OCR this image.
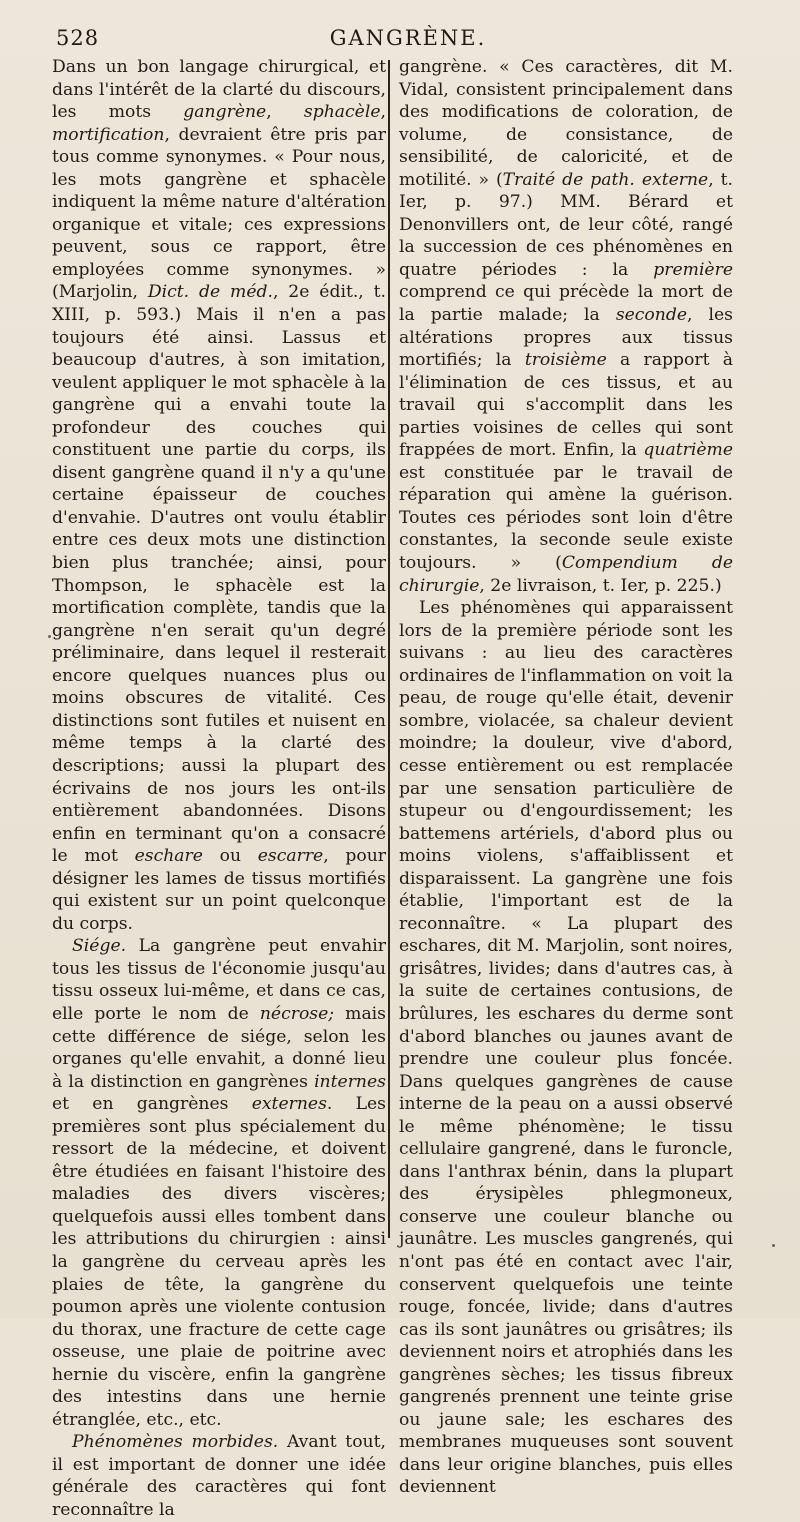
528	GANGRÈNE.

Dans un bon langage chirurgical, et dans l'intérêt de la clarté du discours, les mots gangrène, sphacèle, mortification, devraient être pris par tous comme synonymes. « Pour nous, les mots gangrène et sphacèle indiquent la même nature d'altération organique et vitale; ces expressions peuvent, sous ce rapport, être employées comme synonymes. » (Marjolin, Dict. de méd., 2e édit., t. XIII, p. 593.) Mais il n'en a pas toujours été ainsi. Lassus et beaucoup d'autres, à son imitation, veulent appliquer le mot sphacèle à la gangrène qui a envahi toute la profondeur des couches qui constituent une partie du corps, ils disent gangrène quand il n'y a qu'une certaine épaisseur de couches d'envahie. D'autres ont voulu établir entre ces deux mots une distinction bien plus tranchée; ainsi, pour Thompson, le sphacèle est la mortification complète, tandis que la gangrène n'en serait qu'un degré préliminaire, dans lequel il resterait encore quelques nuances plus ou moins obscures de vitalité. Ces distinctions sont futiles et nuisent en même temps à la clarté des descriptions; aussi la plupart des écrivains de nos jours les ont-ils entièrement abandonnées. Disons enfin en terminant qu'on a consacré le mot eschare ou escarre, pour désigner les lames de tissus mortifiés qui existent sur un point quelconque du corps.

Siége. La gangrène peut envahir tous les tissus de l'économie jusqu'au tissu osseux lui-même, et dans ce cas, elle porte le nom de nécrose; mais cette différence de siége, selon les organes qu'elle envahit, a donné lieu à la distinction en gangrènes internes et en gangrènes externes. Les premières sont plus spécialement du ressort de la médecine, et doivent être étudiées en faisant l'histoire des maladies des divers viscères; quelquefois aussi elles tombent dans les attributions du chirurgien : ainsi la gangrène du cerveau après les plaies de tête, la gangrène du poumon après une violente contusion du thorax, une fracture de cette cage osseuse, une plaie de poitrine avec hernie du viscère, enfin la gangrène des intestins dans une hernie étranglée, etc., etc.

Phénomènes morbides. Avant tout, il est important de donner une idée générale des caractères qui font reconnaître la

gangrène. « Ces caractères, dit M. Vidal, consistent principalement dans des modifications de coloration, de volume, de consistance, de sensibilité, de caloricité, et de motilité. » (Traité de path. externe, t. Ier, p. 97.) MM. Bérard et Denonvillers ont, de leur côté, rangé la succession de ces phénomènes en quatre périodes : la première comprend ce qui précède la mort de la partie malade; la seconde, les altérations propres aux tissus mortifiés; la troisième a rapport à l'élimination de ces tissus, et au travail qui s'accomplit dans les parties voisines de celles qui sont frappées de mort. Enfin, la quatrième est constituée par le travail de réparation qui amène la guérison. Toutes ces périodes sont loin d'être constantes, la seconde seule existe toujours. » (Compendium de chirurgie, 2e livraison, t. Ier, p. 225.)

Les phénomènes qui apparaissent lors de la première période sont les suivans : au lieu des caractères ordinaires de l'inflammation on voit la peau, de rouge qu'elle était, devenir sombre, violacée, sa chaleur devient moindre; la douleur, vive d'abord, cesse entièrement ou est remplacée par une sensation particulière de stupeur ou d'engourdissement; les battemens artériels, d'abord plus ou moins violens, s'affaiblissent et disparaissent. La gangrène une fois établie, l'important est de la reconnaître. « La plupart des eschares, dit M. Marjolin, sont noires, grisâtres, livides; dans d'autres cas, à la suite de certaines contusions, de brûlures, les eschares du derme sont d'abord blanches ou jaunes avant de prendre une couleur plus foncée. Dans quelques gangrènes de cause interne de la peau on a aussi observé le même phénomène; le tissu cellulaire gangrené, dans le furoncle, dans l'anthrax bénin, dans la plupart des érysipèles phlegmoneux, conserve une couleur blanche ou jaunâtre. Les muscles gangrenés, qui n'ont pas été en contact avec l'air, conservent quelquefois une teinte rouge, foncée, livide; dans d'autres cas ils sont jaunâtres ou grisâtres; ils deviennent noirs et atrophiés dans les gangrènes sèches; les tissus fibreux gangrenés prennent une teinte grise ou jaune sale; les eschares des membranes muqueuses sont souvent dans leur origine blanches, puis elles deviennent
